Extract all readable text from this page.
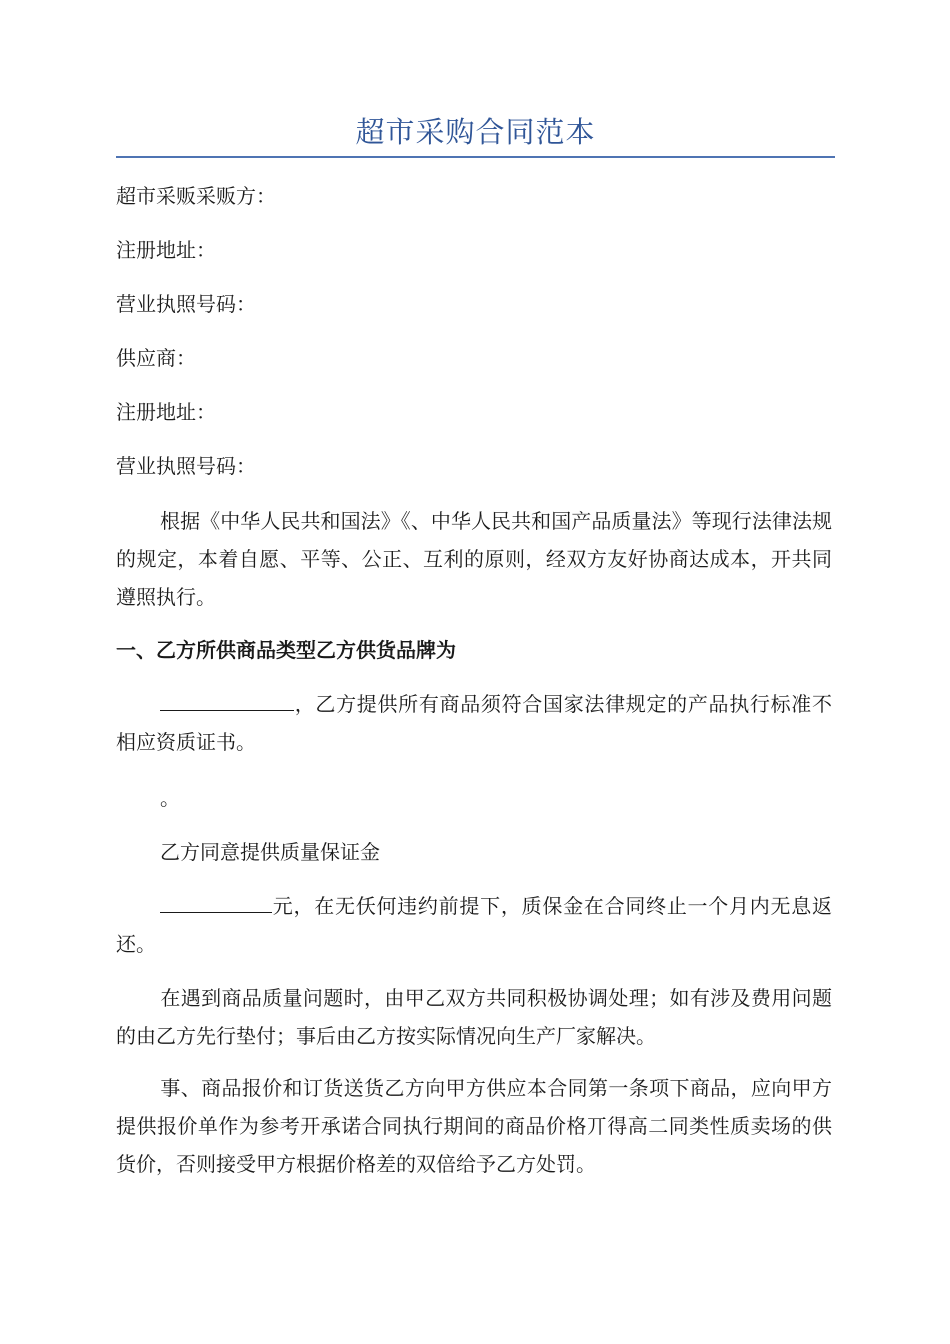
超市采购合同范本
超市采贩采贩方：
注册地址：
营业执照号码：
供应商：
注册地址：
营业执照号码：
根据《中华人民共和国法》《、中华人民共和国产品质量法》等现行法律法规的规定，本着自愿、平等、公正、互利的原则，经双方友好协商达成本，开共同遵照执行。
一、乙方所供商品类型乙方供货品牌为
，乙方提供所有商品须符合国家法律规定的产品执行标准不相应资质证书。
。
乙方同意提供质量保证金
元，在无仸何违约前提下，质保金在合同终止一个月内无息返还。
在遇到商品质量问题时，由甲乙双方共同积极协调处理；如有涉及费用问题的由乙方先行垫付；事后由乙方按实际情况向生产厂家解决。
事、商品报价和订货送货乙方向甲方供应本合同第一条项下商品，应向甲方提供报价单作为参考开承诺合同执行期间的商品价格丌得高二同类性质卖场的供货价，否则接受甲方根据价格差的双倍给予乙方处罚。
